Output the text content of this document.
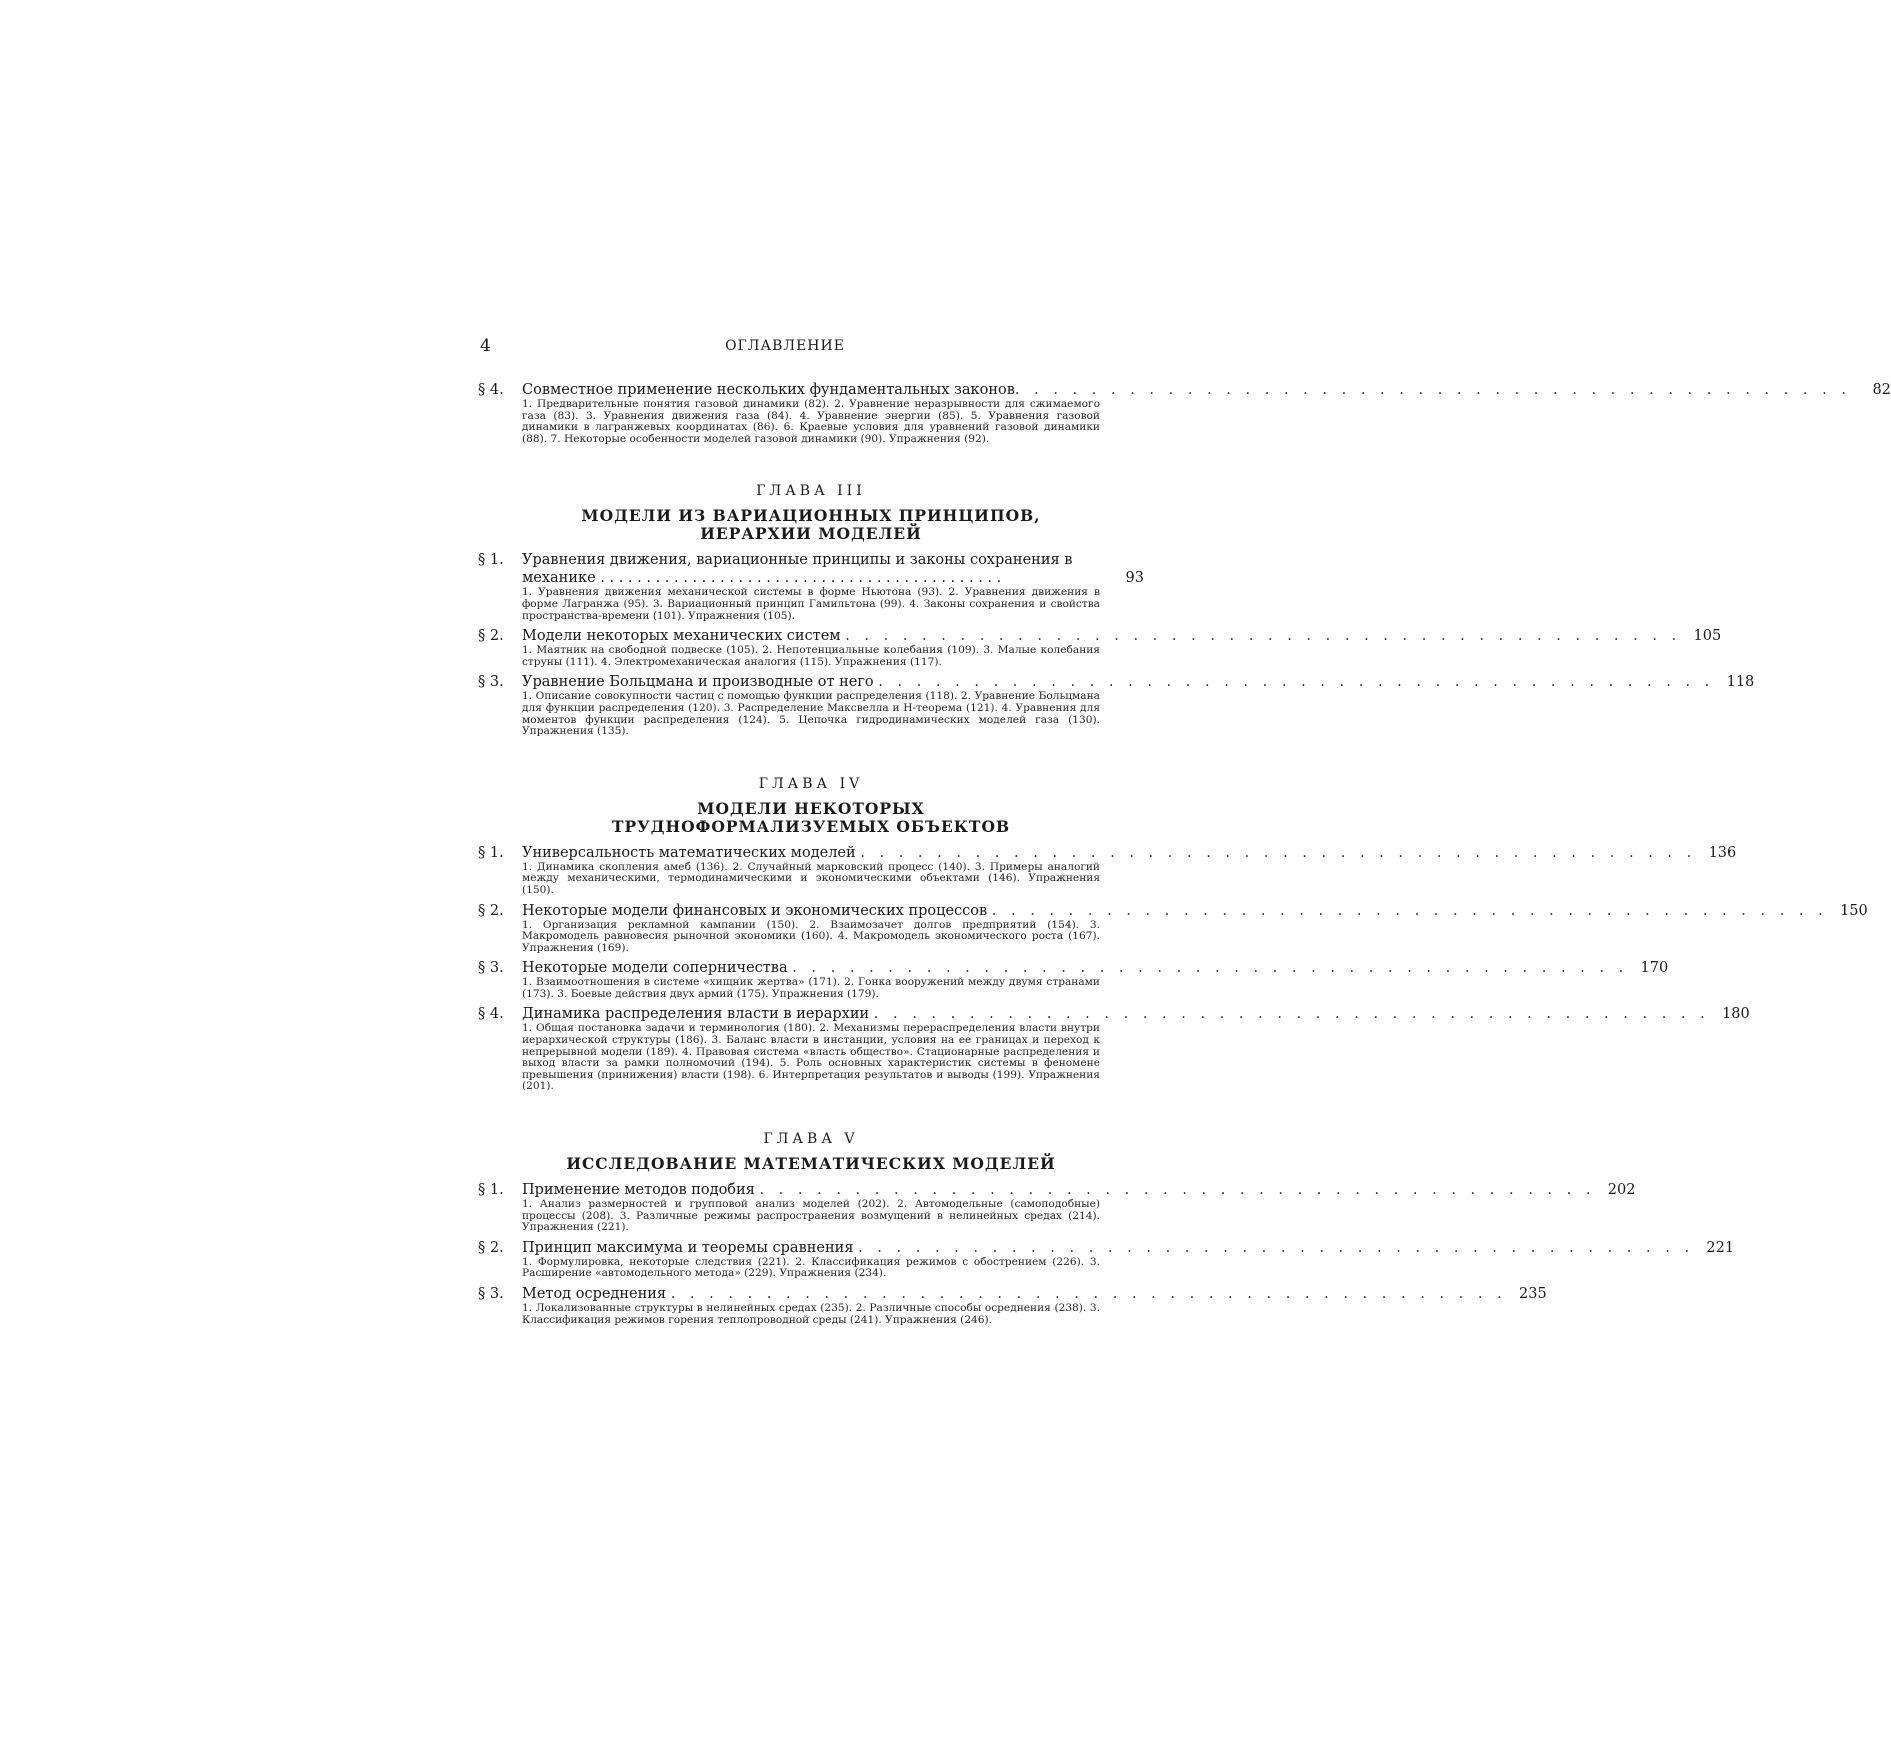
4	ОГЛАВЛЕНИЕ
§ 4.	Совместное применение нескольких фундаментальных законов. . . . . . . . . . . . . . . . . . . . . . . . . . . . . . . . . . . . . . . . . . . .	82
1. Предварительные понятия газовой динамики (82). 2. Уравнение неразрывности для сжимаемого газа (83). 3. Уравнения движения газа (84). 4. Уравнение энергии (85). 5. Уравнения газовой динамики в лагранжевых координатах (86). 6. Краевые условия для уравнений газовой динамики (88). 7. Некоторые особенности моделей газовой динамики (90). Упражнения (92).
ГЛАВА III
МОДЕЛИ ИЗ ВАРИАЦИОННЫХ ПРИНЦИПОВ,
ИЕРАРХИИ МОДЕЛЕЙ
§ 1.	Уравнения движения, вариационные принципы и законы сохранения в
механике . . . . . . . . . . . . . . . . . . . . . . . . . . . . . . . . . . . . . . . . . . . .	93
1. Уравнения движения механической системы в форме Ньютона (93). 2. Уравнения движения в форме Лагранжа (95). 3. Вариационный принцип Гамильтона (99). 4. Законы сохранения и свойства пространства-времени (101). Упражнения (105).
§ 2.	Модели некоторых механических систем . . . . . . . . . . . . . . . . . . . . . . . . . . . . . . . . . . . . . . . . . . . . 105
1. Маятник на свободной подвеске (105). 2. Непотенциальные колебания (109). 3. Малые колебания струны (111). 4. Электромеханическая аналогия (115). Упражнения (117).
§ 3.	Уравнение Больцмана и производные от него . . . . . . . . . . . . . . . . . . . . . . . . . . . . . . . . . . . . . . . . . . . . 118
1. Описание совокупности частиц с помощью функции распределения (118). 2. Уравнение Больцмана для функции распределения (120). 3. Распределение Максвелла и H-теорема (121). 4. Уравнения для моментов функции распределения (124). 5. Цепочка гидродинамических моделей газа (130). Упражнения (135).
ГЛАВА IV
МОДЕЛИ НЕКОТОРЫХ
ТРУДНОФОРМАЛИЗУЕМЫХ ОБЪЕКТОВ
§ 1.	Универсальность математических моделей . . . . . . . . . . . . . . . . . . . . . . . . . . . . . . . . . . . . . . . . . . . . 136
1. Динамика скопления амеб (136). 2. Случайный марковский процесс (140). 3. Примеры аналогий между механическими, термодинамическими и экономическими объектами (146). Упражнения (150).
§ 2.	Некоторые модели финансовых и экономических процессов . . . . . . . . . . . . . . . . . . . . . . . . . . . . . . . . . . . . . . . . . . . . 150
1. Организация рекламной кампании (150). 2. Взаимозачет долгов предприятий (154). 3. Макромодель равновесия рыночной экономики (160). 4. Макромодель экономического роста (167). Упражнения (169).
§ 3.	Некоторые модели соперничества . . . . . . . . . . . . . . . . . . . . . . . . . . . . . . . . . . . . . . . . . . . . 170
1. Взаимоотношения в системе «хищник жертва» (171). 2. Гонка вооружений между двумя странами (173). 3. Боевые действия двух армий (175). Упражнения (179).
§ 4.	Динамика распределения власти в иерархии . . . . . . . . . . . . . . . . . . . . . . . . . . . . . . . . . . . . . . . . . . . . 180
1. Общая постановка задачи и терминология (180). 2. Механизмы перераспределения власти внутри иерархической структуры (186). 3. Баланс власти в инстанции, условия на ее границах и переход к непрерывной модели (189). 4. Правовая система «власть общество». Стационарные распределения и выход власти за рамки полномочий (194). 5. Роль основных характеристик системы в феномене превышения (принижения) власти (198). 6. Интерпретация результатов и выводы (199). Упражнения (201).
ГЛАВА V
ИССЛЕДОВАНИЕ МАТЕМАТИЧЕСКИХ МОДЕЛЕЙ
§ 1.	Применение методов подобия . . . . . . . . . . . . . . . . . . . . . . . . . . . . . . . . . . . . . . . . . . . . 202
1. Анализ размерностей и групповой анализ моделей (202). 2. Автомодельные (самоподобные) процессы (208). 3. Различные режимы распространения возмущений в нелинейных средах (214). Упражнения (221).
§ 2.	Принцип максимума и теоремы сравнения . . . . . . . . . . . . . . . . . . . . . . . . . . . . . . . . . . . . . . . . . . . . 221
1. Формулировка, некоторые следствия (221). 2. Классификация режимов с обострением (226). 3. Расширение «автомодельного метода» (229). Упражнения (234).
§ 3.	Метод осреднения . . . . . . . . . . . . . . . . . . . . . . . . . . . . . . . . . . . . . . . . . . . . 235
1. Локализованные структуры в нелинейных средах (235). 2. Различные способы осреднения (238). 3. Классификация режимов горения теплопроводной среды (241). Упражнения (246).
